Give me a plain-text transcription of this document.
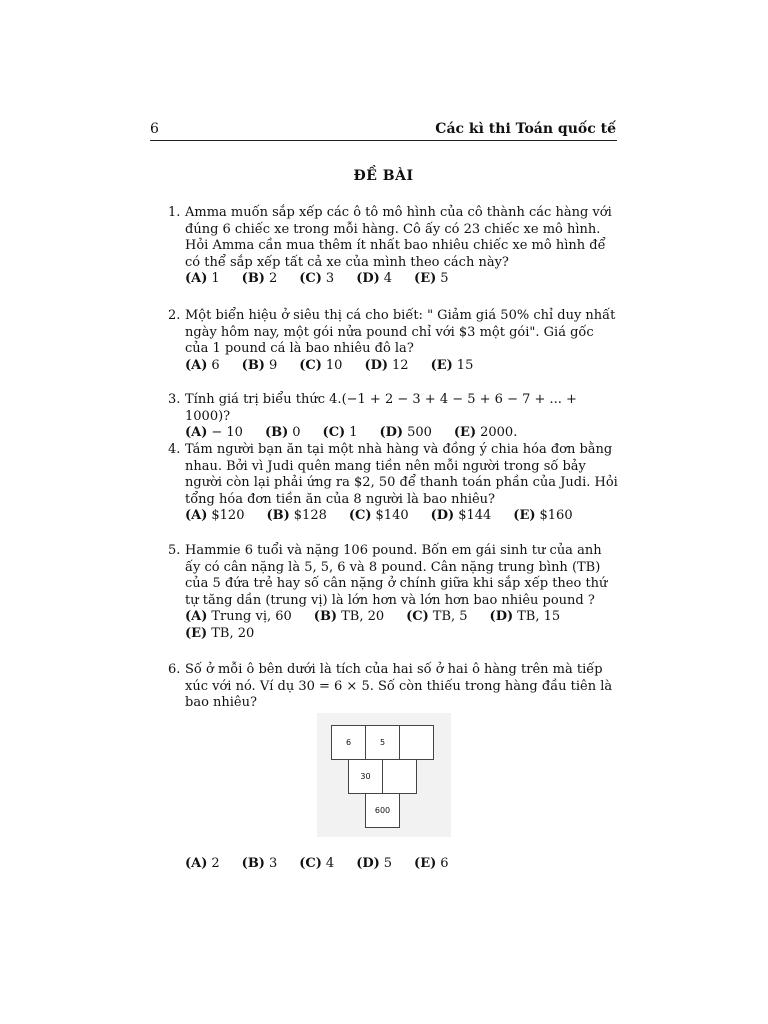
6	Các kì thi Toán quốc tế
ĐỀ BÀI
1. Amma muốn sắp xếp các ô tô mô hình của cô thành các hàng với đúng 6 chiếc xe trong mỗi hàng. Cô ấy có 23 chiếc xe mô hình. Hỏi Amma cần mua thêm ít nhất bao nhiêu chiếc xe mô hình để có thể sắp xếp tất cả xe của mình theo cách này?
(A) 1 (B) 2 (C) 3 (D) 4 (E) 5
2. Một biển hiệu ở siêu thị cá cho biết: " Giảm giá 50% chỉ duy nhất ngày hôm nay, một gói nửa pound chỉ với $3 một gói". Giá gốc của 1 pound cá là bao nhiêu đô la?
(A) 6 (B) 9 (C) 10 (D) 12 (E) 15
3. Tính giá trị biểu thức 4.(−1 + 2 − 3 + 4 − 5 + 6 − 7 + ... + 1000)?
(A) − 10 (B) 0 (C) 1 (D) 500 (E) 2000.
4. Tám người bạn ăn tại một nhà hàng và đồng ý chia hóa đơn bằng nhau. Bởi vì Judi quên mang tiền nên mỗi người trong số bảy người còn lại phải ứng ra $2, 50 để thanh toán phần của Judi. Hỏi tổng hóa đơn tiền ăn của 8 người là bao nhiêu?
(A) $120 (B) $128 (C) $140 (D) $144 (E) $160
5. Hammie 6 tuổi và nặng 106 pound. Bốn em gái sinh tư của anh ấy có cân nặng là 5, 5, 6 và 8 pound. Cân nặng trung bình (TB) của 5 đứa trẻ hay số cân nặng ở chính giữa khi sắp xếp theo thứ tự tăng dần (trung vị) là lớn hơn và lớn hơn bao nhiêu pound ?
(A) Trung vị, 60 (B) TB, 20 (C) TB, 5 (D) TB, 15
(E) TB, 20
6. Số ở mỗi ô bên dưới là tích của hai số ở hai ô hàng trên mà tiếp xúc với nó. Ví dụ 30 = 6 × 5. Số còn thiếu trong hàng đầu tiên là bao nhiêu?
6	5
30
600
(A) 2 (B) 3 (C) 4 (D) 5 (E) 6
